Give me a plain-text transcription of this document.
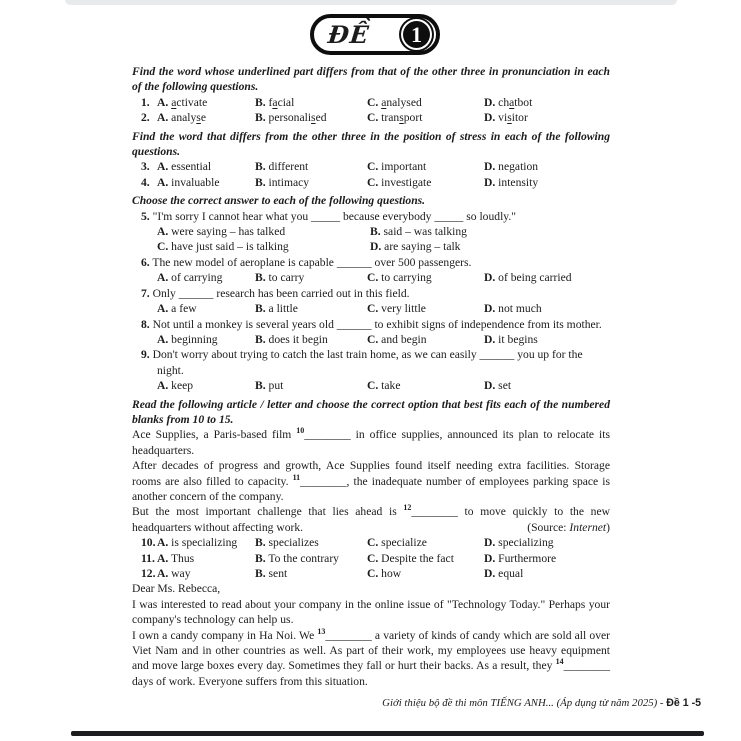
ĐỀ 1
Find the word whose underlined part differs from that of the other three in pronunciation in each of the following questions.
1. A. activate	B. facial	C. analysed	D. chatbot
2. A. analyse	B. personalised	C. transport	D. visitor
Find the word that differs from the other three in the position of stress in each of the following questions.
3. A. essential	B. different	C. important	D. negation
4. A. invaluable	B. intimacy	C. investigate	D. intensity
Choose the correct answer to each of the following questions.
5. "I'm sorry I cannot hear what you _____ because everybody _____ so loudly."
A. were saying – has talked	B. said – was talking
C. have just said – is talking	D. are saying – talk
6. The new model of aeroplane is capable ______ over 500 passengers.
A. of carrying	B. to carry	C. to carrying	D. of being carried
7. Only ______ research has been carried out in this field.
A. a few	B. a little	C. very little	D. not much
8. Not until a monkey is several years old ______ to exhibit signs of independence from its mother.
A. beginning	B. does it begin	C. and begin	D. it begins
9. Don't worry about trying to catch the last train home, as we can easily ______ you up for the night.
A. keep	B. put	C. take	D. set
Read the following article / letter and choose the correct option that best fits each of the numbered blanks from 10 to 15.
Ace Supplies, a Paris-based film $^{10}$________ in office supplies, announced its plan to relocate its headquarters.
After decades of progress and growth, Ace Supplies found itself needing extra facilities. Storage rooms are also filled to capacity. $^{11}$________, the inadequate number of employees parking space is another concern of the company.
But the most important challenge that lies ahead is $^{12}$________ to move quickly to the new headquarters without affecting work.	(Source: Internet)
10. A. is specializing	B. specializes	C. specialize	D. specializing
11. A. Thus	B. To the contrary	C. Despite the fact	D. Furthermore
12. A. way	B. sent	C. how	D. equal
Dear Ms. Rebecca,
I was interested to read about your company in the online issue of "Technology Today." Perhaps your company's technology can help us.
I own a candy company in Ha Noi. We $^{13}$________ a variety of kinds of candy which are sold all over Viet Nam and in other countries as well. As part of their work, my employees use heavy equipment and move large boxes every day. Sometimes they fall or hurt their backs. As a result, they $^{14}$________ days of work. Everyone suffers from this situation.
Giới thiệu bộ đề thi môn TIẾNG ANH... (Áp dụng từ năm 2025) - Đề 1 -5
